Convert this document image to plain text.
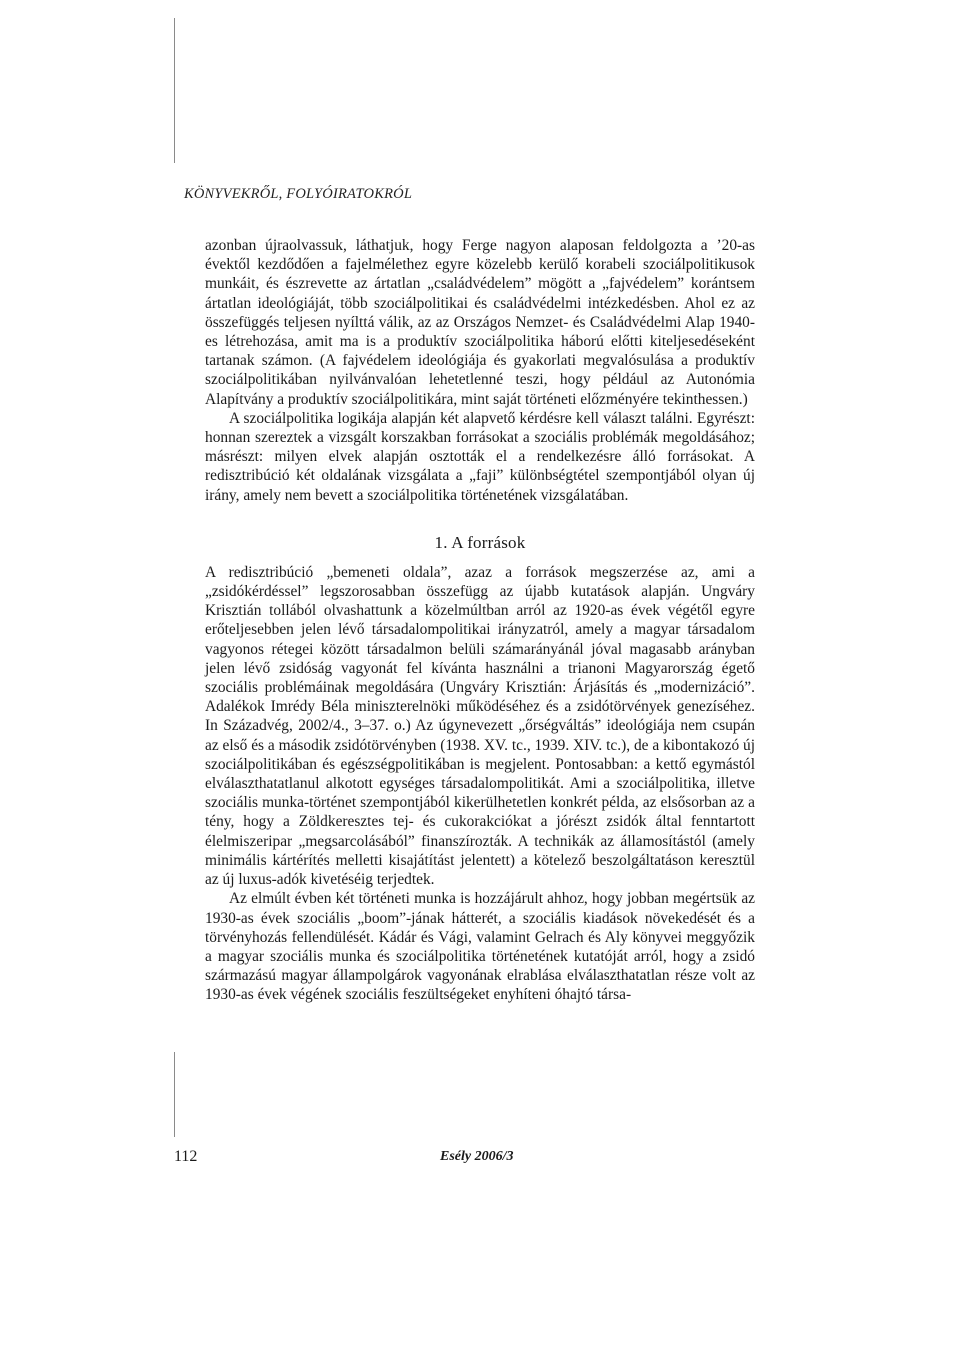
KÖNYVEKRŐL, FOLYÓIRATOKRÓL

azonban újraolvassuk, láthatjuk, hogy Ferge nagyon alaposan feldolgozta a ’20-as évektől kezdődően a fajelmélethez egyre közelebb kerülő korabeli szociálpolitikusok munkáit, és észrevette az ártatlan „családvédelem” mögött a „fajvédelem” korántsem ártatlan ideológiáját, több szociálpolitikai és családvédelmi intézkedésben. Ahol ez az összefüggés teljesen nyílttá válik, az az Országos Nemzet- és Családvédelmi Alap 1940-es létrehozása, amit ma is a produktív szociálpolitika háború előtti kiteljesedéseként tartanak számon. (A fajvédelem ideológiája és gyakorlati megvalósulása a produktív szociálpolitikában nyilvánvalóan lehetetlenné teszi, hogy például az Autonómia Alapítvány a produktív szociálpolitikára, mint saját történeti előzményére tekinthessen.)

A szociálpolitika logikája alapján két alapvető kérdésre kell választ találni. Egyrészt: honnan szereztek a vizsgált korszakban forrásokat a szociális problémák megoldásához; másrészt: milyen elvek alapján osztották el a rendelkezésre álló forrásokat. A redisztribúció két oldalának vizsgálata a „faji” különbségtétel szempontjából olyan új irány, amely nem bevett a szociálpolitika történetének vizsgálatában.

1. A források

A redisztribúció „bemeneti oldala”, azaz a források megszerzése az, ami a „zsidókérdéssel” legszorosabban összefügg az újabb kutatások alapján. Ungváry Krisztián tollából olvashattunk a közelmúltban arról az 1920-as évek végétől egyre erőteljesebben jelen lévő társadalompolitikai irányzatról, amely a magyar társadalom vagyonos rétegei között társadalmon belüli számarányánál jóval magasabb arányban jelen lévő zsidóság vagyonát fel kívánta használni a trianoni Magyarország égető szociális problémáinak megoldására (Ungváry Krisztián: Árjásítás és „modernizáció”. Adalékok Imrédy Béla miniszterelnöki működéséhez és a zsidótörvények genezíséhez. In Századvég, 2002/4., 3–37. o.) Az úgynevezett „őrségváltás” ideológiája nem csupán az első és a második zsidótörvényben (1938. XV. tc., 1939. XIV. tc.), de a kibontakozó új szociálpolitikában és egészségpolitikában is megjelent. Pontosabban: a kettő egymástól elválaszthatatlanul alkotott egységes társadalompolitikát. Ami a szociálpolitika, illetve szociális munka-történet szempontjából kikerülhetetlen konkrét példa, az elsősorban az a tény, hogy a Zöldkeresztes tej- és cukorakciókat a jórészt zsidók által fenntartott élelmiszeripar „megsarcolásából” finanszírozták. A technikák az államosítástól (amely minimális kártérítés melletti kisajátítást jelentett) a kötelező beszolgáltatáson keresztül az új luxus-adók kivetéséig terjedtek.

Az elmúlt évben két történeti munka is hozzájárult ahhoz, hogy jobban megértsük az 1930-as évek szociális „boom”-jának hátterét, a szociális kiadások növekedését és a törvényhozás fellendülését. Kádár és Vági, valamint Gelrach és Aly könyvei meggyőzik a magyar szociális munka és szociálpolitika történetének kutatóját arról, hogy a zsidó származású magyar állampolgárok vagyonának elrablása elválaszthatatlan része volt az 1930-as évek végének szociális feszültségeket enyhíteni óhajtó társa-

112	Esély 2006/3
